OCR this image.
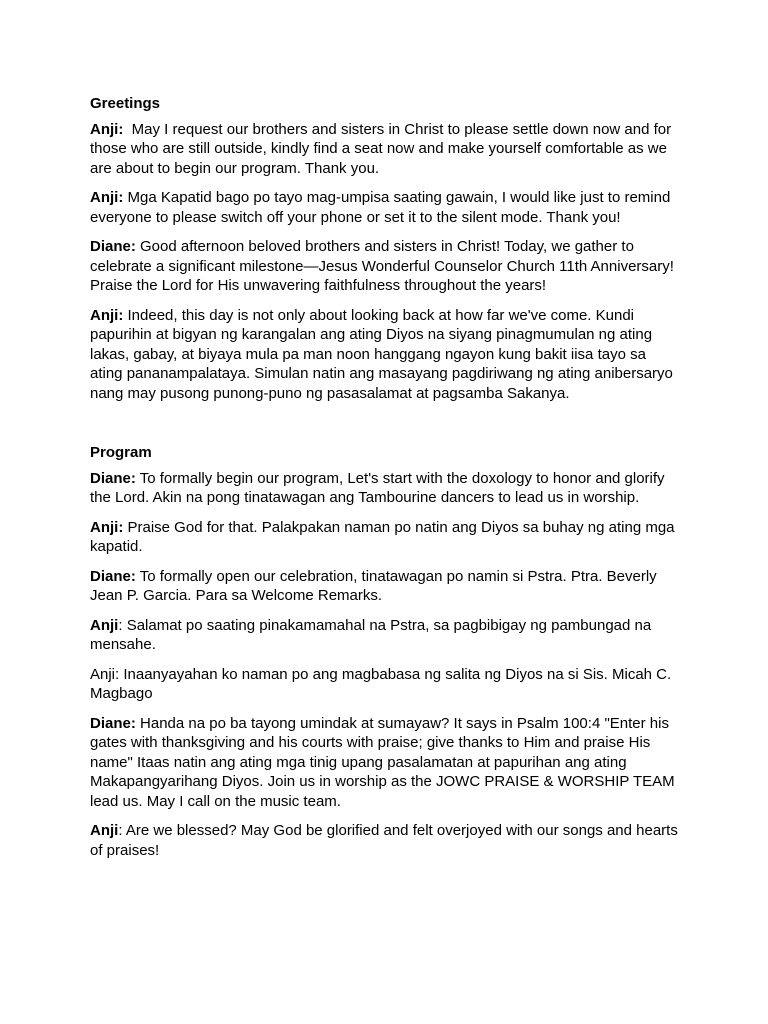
Greetings

Anji: May I request our brothers and sisters in Christ to please settle down now and for those who are still outside, kindly find a seat now and make yourself comfortable as we are about to begin our program. Thank you.

Anji: Mga Kapatid bago po tayo mag-umpisa saating gawain, I would like just to remind everyone to please switch off your phone or set it to the silent mode. Thank you!

Diane: Good afternoon beloved brothers and sisters in Christ! Today, we gather to celebrate a significant milestone—Jesus Wonderful Counselor Church 11th Anniversary! Praise the Lord for His unwavering faithfulness throughout the years!

Anji: Indeed, this day is not only about looking back at how far we've come. Kundi papurihin at bigyan ng karangalan ang ating Diyos na siyang pinagmumulan ng ating lakas, gabay, at biyaya mula pa man noon hanggang ngayon kung bakit iisa tayo sa ating pananampalataya. Simulan natin ang masayang pagdiriwang ng ating anibersaryo nang may pusong punong-puno ng pasasalamat at pagsamba Sakanya.

Program

Diane: To formally begin our program, Let's start with the doxology to honor and glorify the Lord. Akin na pong tinatawagan ang Tambourine dancers to lead us in worship.

Anji: Praise God for that. Palakpakan naman po natin ang Diyos sa buhay ng ating mga kapatid.

Diane: To formally open our celebration, tinatawagan po namin si Pstra. Ptra. Beverly Jean P. Garcia. Para sa Welcome Remarks.

Anji: Salamat po saating pinakamamahal na Pstra, sa pagbibigay ng pambungad na mensahe.

Anji: Inaanyayahan ko naman po ang magbabasa ng salita ng Diyos na si Sis. Micah C. Magbago

Diane: Handa na po ba tayong umindak at sumayaw? It says in Psalm 100:4 "Enter his gates with thanksgiving and his courts with praise; give thanks to Him and praise His name" Itaas natin ang ating mga tinig upang pasalamatan at papurihan ang ating Makapangyarihang Diyos. Join us in worship as the JOWC PRAISE & WORSHIP TEAM lead us. May I call on the music team.

Anji: Are we blessed? May God be glorified and felt overjoyed with our songs and hearts of praises!
